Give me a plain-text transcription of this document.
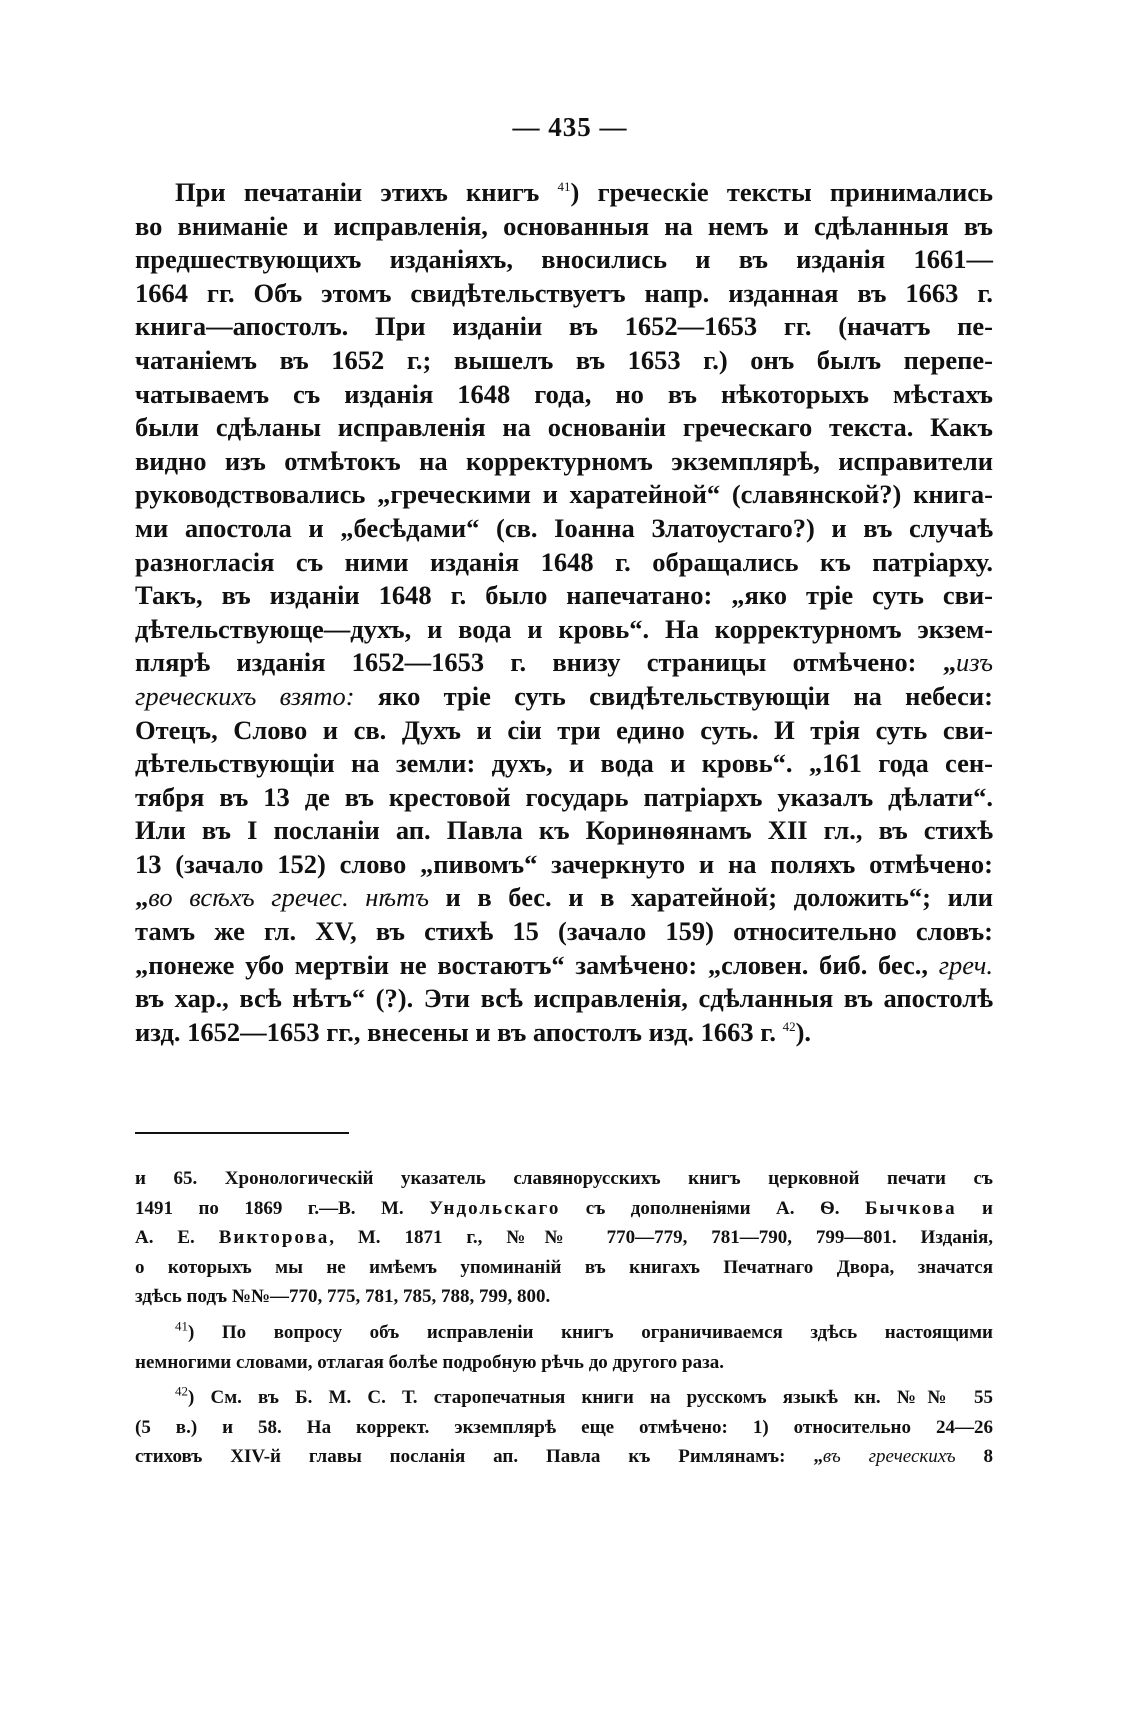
— 435 —
При печатаніи этихъ книгъ $^{41}$) греческіе тексты принимались
во вниманіе и исправленія, основанныя на немъ и сдѣланныя въ
предшествующихъ изданіяхъ, вносились и въ изданія 1661—
1664 гг. Объ этомъ свидѣтельствуетъ напр. изданная въ 1663 г.
книга—апостолъ. При изданіи въ 1652—1653 гг. (начатъ пе-
чатаніемъ въ 1652 г.; вышелъ въ 1653 г.) онъ былъ перепе-
чатываемъ съ изданія 1648 года, но въ нѣкоторыхъ мѣстахъ
были сдѣланы исправленія на основаніи греческаго текста. Какъ
видно изъ отмѣтокъ на корректурномъ экземплярѣ, исправители
руководствовались „греческими и харатейной“ (славянской?) книга-
ми апостола и „бесѣдами“ (св. Іоанна Златоустаго?) и въ случаѣ
разногласія съ ними изданія 1648 г. обращались къ патріарху.
Такъ, въ изданіи 1648 г. было напечатано: „яко тріе суть сви-
дѣтельствующе—духъ, и вода и кровь“. На корректурномъ экзем-
плярѣ изданія 1652—1653 г. внизу страницы отмѣчено: „изъ
греческихъ взято: яко тріе суть свидѣтельствующіи на небеси:
Отецъ, Слово и св. Духъ и сіи три едино суть. И трія суть сви-
дѣтельствующіи на земли: духъ, и вода и кровь“. „161 года сен-
тября въ 13 де въ крестовой государь патріархъ указалъ дѣлати“.
Или въ I посланіи ап. Павла къ Коринѳянамъ XII гл., въ стихѣ
13 (зачало 152) слово „пивомъ“ зачеркнуто и на поляхъ отмѣчено:
„во всѣхъ гречес. нѣтъ и в бес. и в харатейной; доложить“; или
тамъ же гл. XV, въ стихѣ 15 (зачало 159) относительно словъ:
„понеже убо мертвіи не востаютъ“ замѣчено: „словен. биб. бес., греч.
въ хар., всѣ нѣтъ“ (?). Эти всѣ исправленія, сдѣланныя въ апостолѣ
изд. 1652—1653 гг., внесены и въ апостолъ изд. 1663 г. $^{42}$).
и 65. Хронологическій указатель славянорусскихъ книгъ церковной печати съ
1491 по 1869 г.—В. М. Ундольскаго съ дополненіями А. Ѳ. Бычкова и
А. Е. Викторова, М. 1871 г., №№ 770—779, 781—790, 799—801. Изданія,
о которыхъ мы не имѣемъ упоминаній въ книгахъ Печатнаго Двора, значатся
здѣсь подъ №№—770, 775, 781, 785, 788, 799, 800.
$^{41}$) По вопросу объ исправленіи книгъ ограничиваемся здѣсь настоящими
немногими словами, отлагая болѣе подробную рѣчь до другого раза.
$^{42}$) См. въ Б. М. С. Т. старопечатныя книги на русскомъ языкѣ кн. №№ 55
(5 в.) и 58. На коррект. экземплярѣ еще отмѣчено: 1) относительно 24—26
стиховъ XIV-й главы посланія ап. Павла къ Римлянамъ: „въ греческихъ 8
